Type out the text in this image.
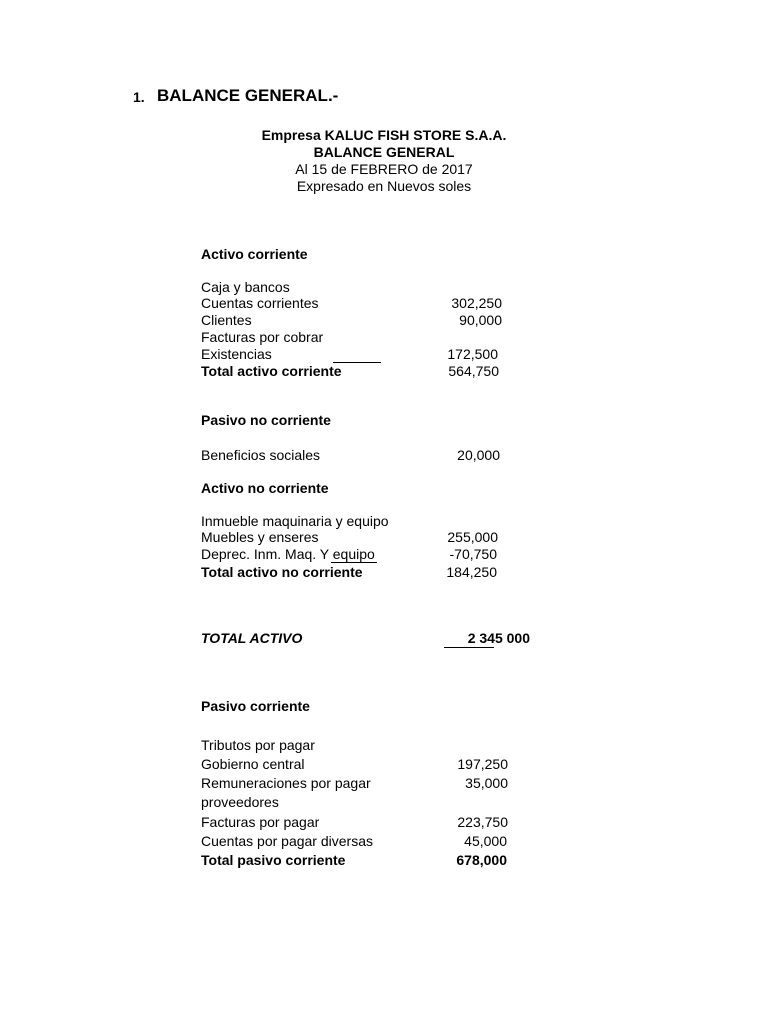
1. BALANCE GENERAL.-
Empresa KALUC FISH STORE S.A.A.
BALANCE GENERAL
Al 15 de FEBRERO de 2017
Expresado en Nuevos soles
Activo corriente
Caja y bancos
Cuentas corrientes	302,250
Clientes	90,000
Facturas por cobrar
Existencias	172,500
Total activo corriente	564,750
Pasivo no corriente
Beneficios sociales	20,000
Activo no corriente
Inmueble maquinaria y equipo
Muebles y enseres	255,000
Deprec. Inm. Maq. Y equipo	-70,750
Total activo no corriente	184,250
TOTAL ACTIVO	2 345 000
Pasivo corriente
Tributos por pagar
Gobierno central	197,250
Remuneraciones por pagar	35,000
proveedores
Facturas por pagar	223,750
Cuentas por pagar diversas	45,000
Total pasivo corriente	678,000
